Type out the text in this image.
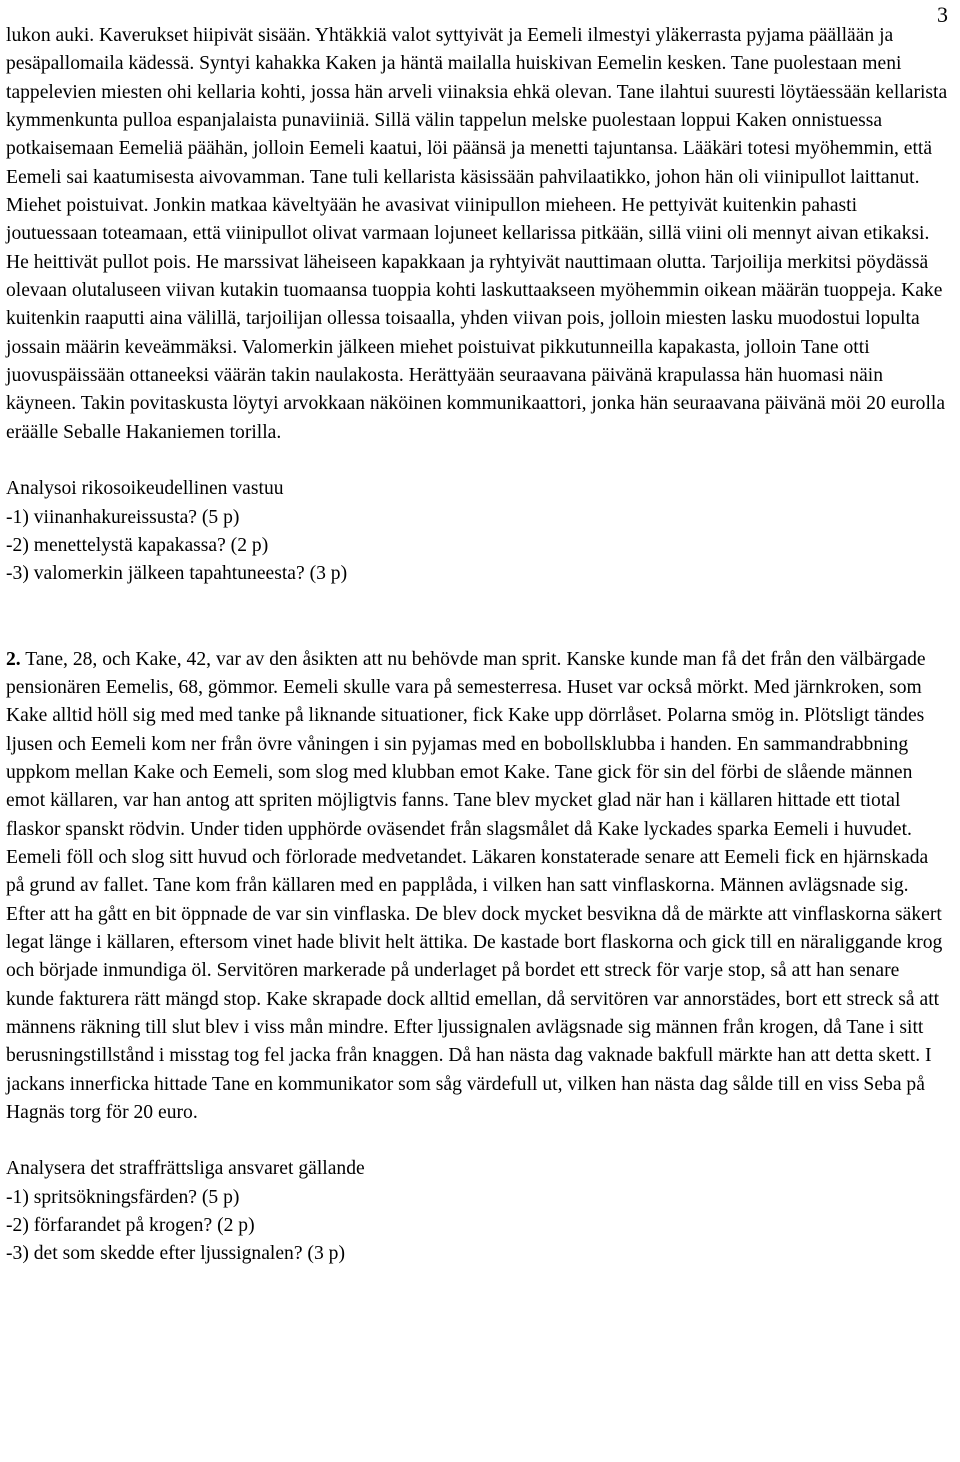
3

lukon auki. Kaverukset hiipivät sisään. Yhtäkkiä valot syttyivät ja Eemeli ilmestyi yläkerrasta pyjama päällään ja pesäpallomaila kädessä. Syntyi kahakka Kaken ja häntä mailalla huiskivan Eemelin kesken. Tane puolestaan meni tappelevien miesten ohi kellaria kohti, jossa hän arveli viinaksia ehkä olevan. Tane ilahtui suuresti löytäessään kellarista kymmenkunta pulloa espanjalaista punaviiniä. Sillä välin tappelun melske puolestaan loppui Kaken onnistuessa potkaisemaan Eemeliä päähän, jolloin Eemeli kaatui, löi päänsä ja menetti tajuntansa. Lääkäri totesi myöhemmin, että Eemeli sai kaatumisesta aivovamman. Tane tuli kellarista käsissään pahvilaatikko, johon hän oli viinipullot laittanut. Miehet poistuivat. Jonkin matkaa käveltyään he avasivat viinipullon mieheen. He pettyivät kuitenkin pahasti joutuessaan toteamaan, että viinipullot olivat varmaan lojuneet kellarissa pitkään, sillä viini oli mennyt aivan etikaksi. He heittivät pullot pois. He marssivat läheiseen kapakkaan ja ryhtyivät nauttimaan olutta. Tarjoilija merkitsi pöydässä olevaan olutaluseen viivan kutakin tuomaansa tuoppia kohti laskuttaakseen myöhemmin oikean määrän tuoppeja. Kake kuitenkin raaputti aina välillä, tarjoilijan ollessa toisaalla, yhden viivan pois, jolloin miesten lasku muodostui lopulta jossain määrin keveämmäksi. Valomerkin jälkeen miehet poistuivat pikkutunneilla kapakasta, jolloin Tane otti juovuspäissään ottaneeksi väärän takin naulakosta. Herättyään seuraavana päivänä krapulassa hän huomasi näin käyneen. Takin povitaskusta löytyi arvokkaan näköinen kommunikaattori, jonka hän seuraavana päivänä möi 20 eurolla eräälle Seballe Hakaniemen torilla.

Analysoi rikosoikeudellinen vastuu
-1) viinanhakureissusta? (5 p)
-2) menettelystä kapakassa? (2 p)
-3) valomerkin jälkeen tapahtuneesta? (3 p)

2. Tane, 28, och Kake, 42, var av den åsikten att nu behövde man sprit. Kanske kunde man få det från den välbärgade pensionären Eemelis, 68, gömmor. Eemeli skulle vara på semesterresa. Huset var också mörkt. Med järnkroken, som Kake alltid höll sig med med tanke på liknande situationer, fick Kake upp dörrlåset. Polarna smög in. Plötsligt tändes ljusen och Eemeli kom ner från övre våningen i sin pyjamas med en bobollsklubba i handen. En sammandrabbning uppkom mellan Kake och Eemeli, som slog med klubban emot Kake. Tane gick för sin del förbi de slående männen emot källaren, var han antog att spriten möjligtvis fanns. Tane blev mycket glad när han i källaren hittade ett tiotal flaskor spanskt rödvin. Under tiden upphörde oväsendet från slagsmålet då Kake lyckades sparka Eemeli i huvudet. Eemeli föll och slog sitt huvud och förlorade medvetandet. Läkaren konstaterade senare att Eemeli fick en hjärnskada på grund av fallet. Tane kom från källaren med en papplåda, i vilken han satt vinflaskorna. Männen avlägsnade sig. Efter att ha gått en bit öppnade de var sin vinflaska. De blev dock mycket besvikna då de märkte att vinflaskorna säkert legat länge i källaren, eftersom vinet hade blivit helt ättika. De kastade bort flaskorna och gick till en näraliggande krog och började inmundiga öl. Servitören markerade på underlaget på bordet ett streck för varje stop, så att han senare kunde fakturera rätt mängd stop. Kake skrapade dock alltid emellan, då servitören var annorstädes, bort ett streck så att männens räkning till slut blev i viss mån mindre. Efter ljussignalen avlägsnade sig männen från krogen, då Tane i sitt berusningstillstånd i misstag tog fel jacka från knaggen. Då han nästa dag vaknade bakfull märkte han att detta skett. I jackans innerficka hittade Tane en kommunikator som såg värdefull ut, vilken han nästa dag sålde till en viss Seba på Hagnäs torg för 20 euro.

Analysera det straffrättsliga ansvaret gällande
-1) spritsökningsfärden? (5 p)
-2) förfarandet på krogen? (2 p)
-3) det som skedde efter ljussignalen? (3 p)
